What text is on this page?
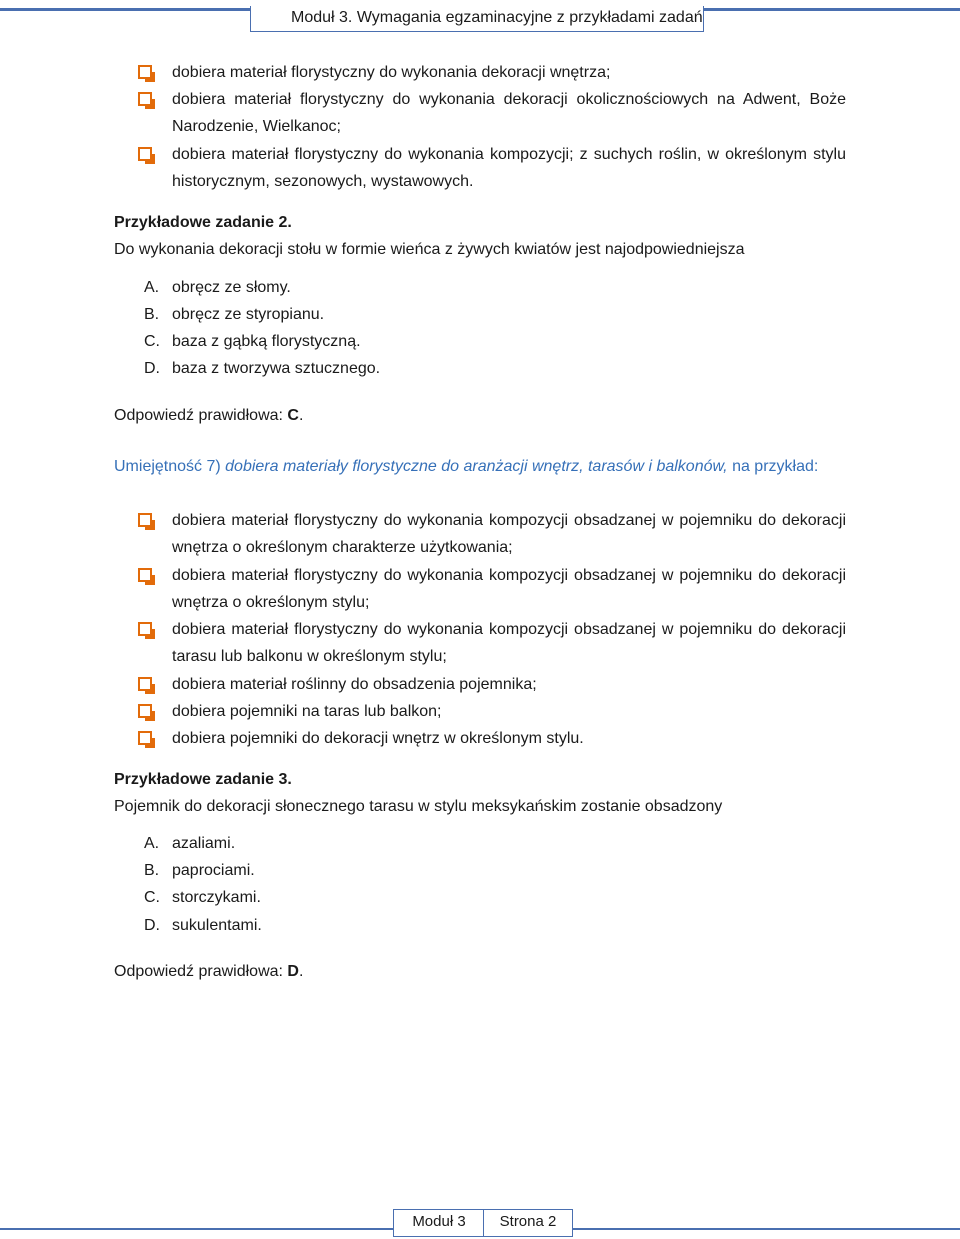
Moduł 3. Wymagania egzaminacyjne z przykładami zadań
dobiera materiał florystyczny do wykonania dekoracji wnętrza;
dobiera materiał florystyczny do wykonania dekoracji okolicznościowych na Adwent, Boże Narodzenie, Wielkanoc;
dobiera materiał florystyczny do wykonania kompozycji; z suchych roślin, w określonym stylu historycznym, sezonowych, wystawowych.
Przykładowe zadanie 2.
Do wykonania dekoracji stołu w formie wieńca z żywych kwiatów jest najodpowiedniejsza
A. obręcz ze słomy.
B. obręcz ze styropianu.
C. baza z gąbką florystyczną.
D. baza z tworzywa sztucznego.
Odpowiedź prawidłowa: C.
Umiejętność 7) dobiera materiały florystyczne do aranżacji wnętrz, tarasów i balkonów, na przykład:
dobiera materiał florystyczny do wykonania kompozycji obsadzanej w pojemniku do dekoracji wnętrza o określonym charakterze użytkowania;
dobiera materiał florystyczny do wykonania kompozycji obsadzanej w pojemniku do dekoracji wnętrza o określonym stylu;
dobiera materiał florystyczny do wykonania kompozycji obsadzanej w pojemniku do dekoracji tarasu lub balkonu w określonym stylu;
dobiera materiał roślinny do obsadzenia pojemnika;
dobiera pojemniki na taras lub balkon;
dobiera pojemniki do dekoracji wnętrz w określonym stylu.
Przykładowe zadanie 3.
Pojemnik do dekoracji słonecznego tarasu w stylu meksykańskim zostanie obsadzony
A. azaliami.
B. paprociami.
C. storczykami.
D. sukulentami.
Odpowiedź prawidłowa: D.
Moduł 3	Strona 2
